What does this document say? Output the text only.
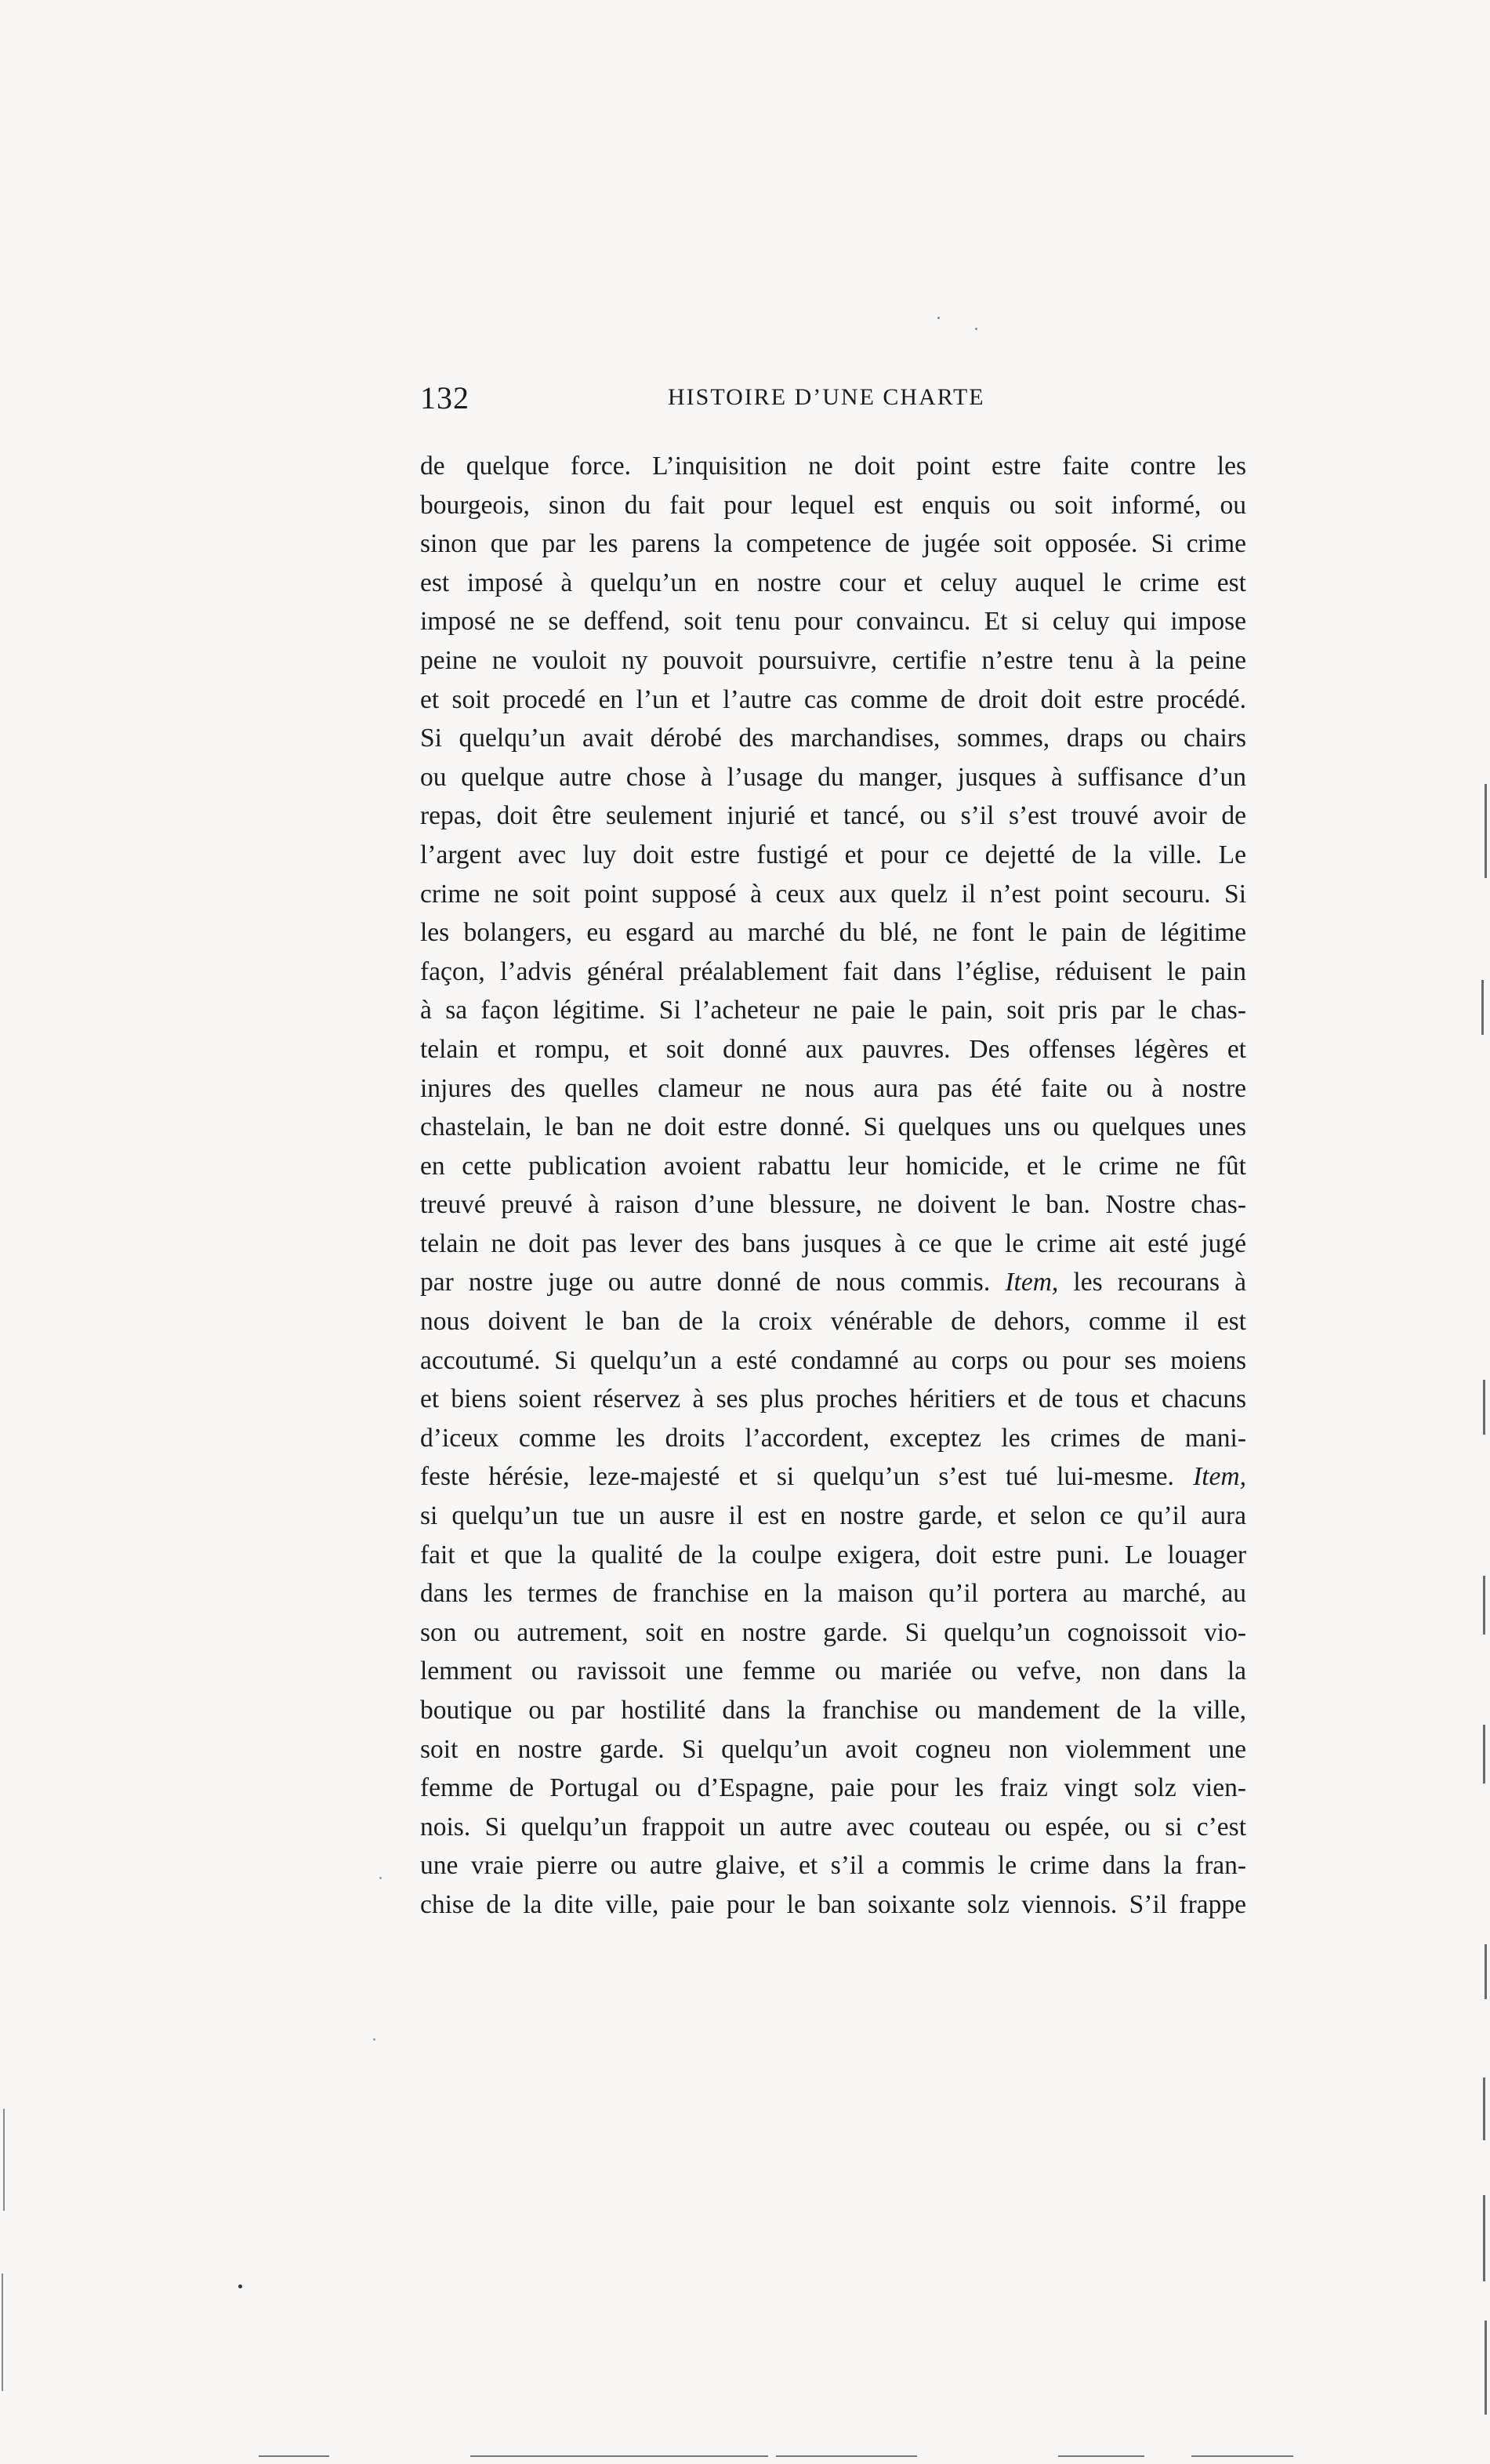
132	HISTOIRE D’UNE CHARTE
de quelque force. L’inquisition ne doit point estre faite contre les
bourgeois, sinon du fait pour lequel est enquis ou soit informé, ou
sinon que par les parens la competence de jugée soit opposée. Si crime
est imposé à quelqu’un en nostre cour et celuy auquel le crime est
imposé ne se deffend, soit tenu pour convaincu. Et si celuy qui impose
peine ne vouloit ny pouvoit poursuivre, certifie n’estre tenu à la peine
et soit procedé en l’un et l’autre cas comme de droit doit estre procédé.
Si quelqu’un avait dérobé des marchandises, sommes, draps ou chairs
ou quelque autre chose à l’usage du manger, jusques à suffisance d’un
repas, doit être seulement injurié et tancé, ou s’il s’est trouvé avoir de
l’argent avec luy doit estre fustigé et pour ce dejetté de la ville. Le
crime ne soit point supposé à ceux aux quelz il n’est point secouru. Si
les bolangers, eu esgard au marché du blé, ne font le pain de légitime
façon, l’advis général préalablement fait dans l’église, réduisent le pain
à sa façon légitime. Si l’acheteur ne paie le pain, soit pris par le chas-
telain et rompu, et soit donné aux pauvres. Des offenses légères et
injures des quelles clameur ne nous aura pas été faite ou à nostre
chastelain, le ban ne doit estre donné. Si quelques uns ou quelques unes
en cette publication avoient rabattu leur homicide, et le crime ne fût
treuvé preuvé à raison d’une blessure, ne doivent le ban. Nostre chas-
telain ne doit pas lever des bans jusques à ce que le crime ait esté jugé
par nostre juge ou autre donné de nous commis. Item, les recourans à
nous doivent le ban de la croix vénérable de dehors, comme il est
accoutumé. Si quelqu’un a esté condamné au corps ou pour ses moiens
et biens soient réservez à ses plus proches héritiers et de tous et chacuns
d’iceux comme les droits l’accordent, exceptez les crimes de mani-
feste hérésie, leze-majesté et si quelqu’un s’est tué lui-mesme. Item,
si quelqu’un tue un ausre il est en nostre garde, et selon ce qu’il aura
fait et que la qualité de la coulpe exigera, doit estre puni. Le louager
dans les termes de franchise en la maison qu’il portera au marché, au
son ou autrement, soit en nostre garde. Si quelqu’un cognoissoit vio-
lemment ou ravissoit une femme ou mariée ou vefve, non dans la
boutique ou par hostilité dans la franchise ou mandement de la ville,
soit en nostre garde. Si quelqu’un avoit cogneu non violemment une
femme de Portugal ou d’Espagne, paie pour les fraiz vingt solz vien-
nois. Si quelqu’un frappoit un autre avec couteau ou espée, ou si c’est
une vraie pierre ou autre glaive, et s’il a commis le crime dans la fran-
chise de la dite ville, paie pour le ban soixante solz viennois. S’il frappe
